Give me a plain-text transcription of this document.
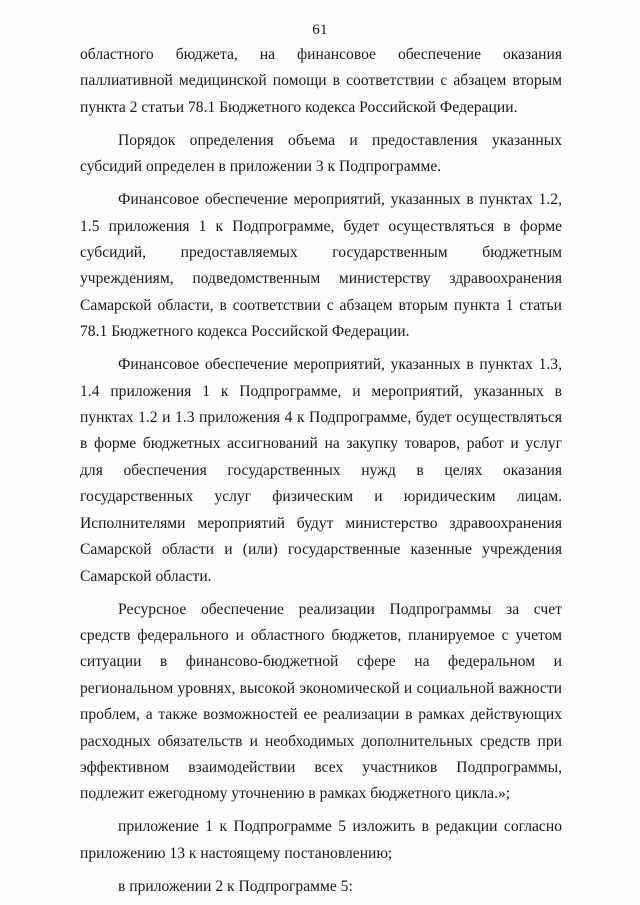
61

областного бюджета, на финансовое обеспечение оказания паллиативной медицинской помощи в соответствии с абзацем вторым пункта 2 статьи 78.1 Бюджетного кодекса Российской Федерации.

Порядок определения объема и предоставления указанных субсидий определен в приложении 3 к Подпрограмме.

Финансовое обеспечение мероприятий, указанных в пунктах 1.2, 1.5 приложения 1 к Подпрограмме, будет осуществляться в форме субсидий, предоставляемых государственным бюджетным учреждениям, подведомственным министерству здравоохранения Самарской области, в соответствии с абзацем вторым пункта 1 статьи 78.1 Бюджетного кодекса Российской Федерации.

Финансовое обеспечение мероприятий, указанных в пунктах 1.3, 1.4 приложения 1 к Подпрограмме, и мероприятий, указанных в пунктах 1.2 и 1.3 приложения 4 к Подпрограмме, будет осуществляться в форме бюджетных ассигнований на закупку товаров, работ и услуг для обеспечения государственных нужд в целях оказания государственных услуг физическим и юридическим лицам. Исполнителями мероприятий будут министерство здравоохранения Самарской области и (или) государственные казенные учреждения Самарской области.

Ресурсное обеспечение реализации Подпрограммы за счет средств федерального и областного бюджетов, планируемое с учетом ситуации в финансово-бюджетной сфере на федеральном и региональном уровнях, высокой экономической и социальной важности проблем, а также возможностей ее реализации в рамках действующих расходных обязательств и необходимых дополнительных средств при эффективном взаимодействии всех участников Подпрограммы, подлежит ежегодному уточнению в рамках бюджетного цикла.»;

приложение 1 к Подпрограмме 5 изложить в редакции согласно приложению 13 к настоящему постановлению;

в приложении 2 к Подпрограмме 5:
